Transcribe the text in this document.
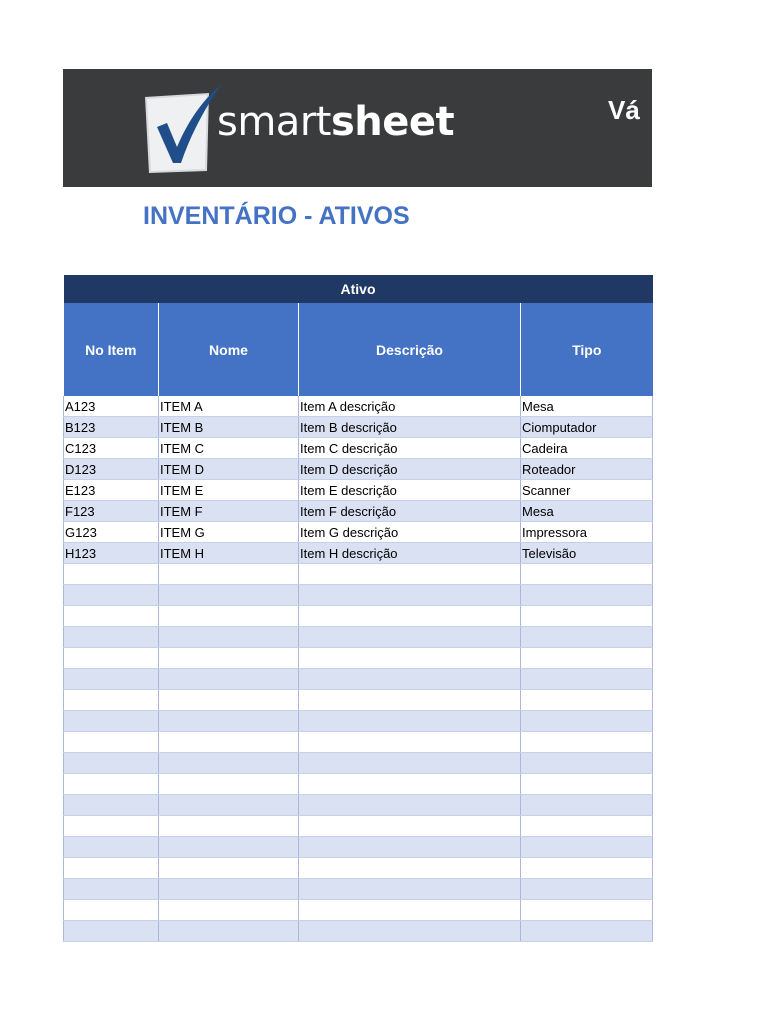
smartsheet	Vá
INVENTÁRIO - ATIVOS
Ativo			
No Item	Nome	Descrição	Tipo
A123	ITEM A	Item A descrição	Mesa
B123	ITEM B	Item B descrição	Ciomputador
C123	ITEM C	Item C descrição	Cadeira
D123	ITEM D	Item D descrição	Roteador
E123	ITEM E	Item E descrição	Scanner
F123	ITEM F	Item F descrição	Mesa
G123	ITEM G	Item G descrição	Impressora
H123	ITEM H	Item H descrição	Televisão
